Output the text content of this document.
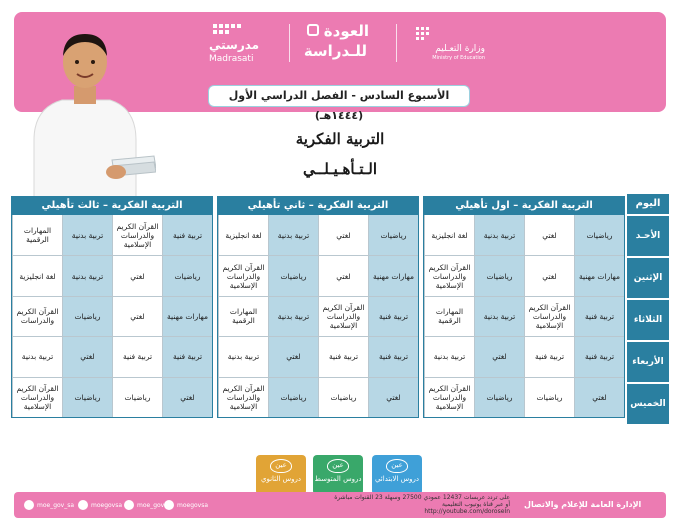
وزارة التعـليم
Ministry of Education
العودة
للـدراسة
مدرستي
Madrasati
الأسبوع السادس - الفصل الدراسي الأول (١٤٤٤هـ)
التربية الفكرية
الـتـأهـيـلــي
اليوم
الأحـد
الإثنين
الثلاثاء
الأربعاء
الخميس
التربية الفكرية – اول تأهيلي
رياضيات
لغتي
تربية بدنية
لغة انجليزية
مهارات مهنية
لغتي
رياضيات
القرآن الكريم والدراسات الإسلامية
تربية فنية
القرآن الكريم والدراسات الإسلامية
تربية بدنية
المهارات الرقمية
تربية فنية
تربية فنية
لغتي
تربية بدنية
لغتي
رياضيات
رياضيات
القرآن الكريم والدراسات الإسلامية
التربية الفكرية – ثاني تأهيلي
رياضيات
لغتي
تربية بدنية
لغة انجليزية
مهارات مهنية
لغتي
رياضيات
القرآن الكريم والدراسات الإسلامية
تربية فنية
القرآن الكريم والدراسات الإسلامية
تربية بدنية
المهارات الرقمية
تربية فنية
تربية فنية
لغتي
تربية بدنية
لغتي
رياضيات
رياضيات
القرآن الكريم والدراسات الإسلامية
التربية الفكرية – ثالث تأهيلي
تربية فنية
القرآن الكريم والدراسات الإسلامية
تربية بدنية
المهارات الرقمية
رياضيات
لغتي
تربية بدنية
لغة انجليزية
مهارات مهنية
لغتي
رياضيات
القرآن الكريم والدراسات
تربية فنية
تربية فنية
لغتي
تربية بدنية
لغتي
رياضيات
رياضيات
القرآن الكريم والدراسات الإسلامية
عين
دروس الابتدائي
عين
دروس المتوسط
عين
دروس الثانوي
moe_gov_sa	moegovsa moe_gov moegovsa
على تردد عربسات 12437 عمودي 27500 وسهلة 23 القنوات مباشرة
أو عبر قناة يوتيوب التعليمية
http://youtube.com/doroseIn
الإدارة العامة للإعلام والاتصال
